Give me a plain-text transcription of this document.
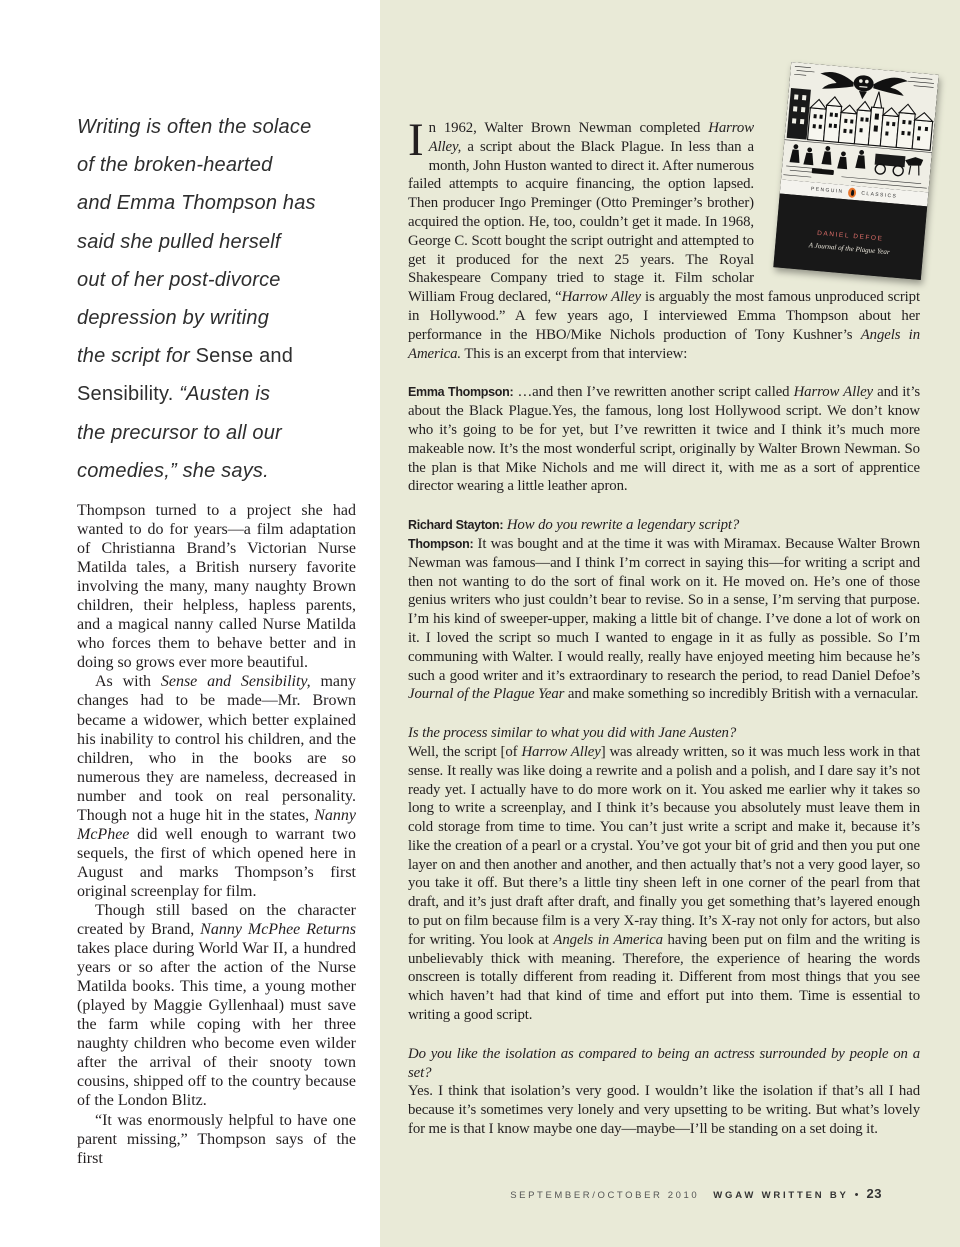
Writing is often the solace
of the broken-hearted
and Emma Thompson has
said she pulled herself
out of her post-divorce
depression by writing
the script for Sense and
Sensibility. “Austen is
the precursor to all our
comedies,” she says.

Thompson turned to a project she had wanted to do for years—a film adaptation of Christianna Brand’s Victorian Nurse Matilda tales, a British nursery favorite involving the many, many naughty Brown children, their helpless, hapless parents, and a magical nanny called Nurse Matilda who forces them to behave better and in doing so grows ever more beautiful.

As with Sense and Sensibility, many changes had to be made—Mr. Brown became a widower, which better explained his inability to control his children, and the children, who in the books are so numerous they are nameless, decreased in number and took on real personality. Though not a huge hit in the states, Nanny McPhee did well enough to warrant two sequels, the first of which opened here in August and marks Thompson’s first original screenplay for film.

Though still based on the character created by Brand, Nanny McPhee Returns takes place during World War II, a hundred years or so after the action of the Nurse Matilda books. This time, a young mother (played by Maggie Gyllenhaal) must save the farm while coping with her three naughty children who become even wilder after the arrival of their snooty town cousins, shipped off to the country because of the London Blitz.

“It was enormously helpful to have one parent missing,” Thompson says of the first

In 1962, Walter Brown Newman completed Harrow Alley, a script about the Black Plague. In less than a month, John Huston wanted to direct it. After numerous failed attempts to acquire financing, the option lapsed. Then producer Ingo Preminger (Otto Preminger’s brother) acquired the option. He, too, couldn’t get it made. In 1968, George C. Scott bought the script outright and attempted to get it produced for the next 25 years. The Royal Shakespeare Company tried to stage it. Film scholar William Froug declared, “Harrow Alley is arguably the most famous unproduced script in Hollywood.” A few years ago, I interviewed Emma Thompson about her performance in the HBO/Mike Nichols production of Tony Kushner’s Angels in America. This is an excerpt from that interview:

Emma Thompson: …and then I’ve rewritten another script called Harrow Alley and it’s about the Black Plague.Yes, the famous, long lost Hollywood script. We don’t know who it’s going to be for yet, but I’ve rewritten it twice and I think it’s much more makeable now. It’s the most wonderful script, originally by Walter Brown Newman. So the plan is that Mike Nichols and me will direct it, with me as a sort of apprentice director wearing a little leather apron.

Richard Stayton: How do you rewrite a legendary script?
Thompson: It was bought and at the time it was with Miramax. Because Walter Brown Newman was famous—and I think I’m correct in saying this—for writing a script and then not wanting to do the sort of final work on it. He moved on. He’s one of those genius writers who just couldn’t bear to revise. So in a sense, I’m serving that purpose. I’m his kind of sweeper-upper, making a little bit of change. I’ve done a lot of work on it. I loved the script so much I wanted to engage in it as fully as possible. So I’m communing with Walter. I would really, really have enjoyed meeting him because he’s such a good writer and it’s extraordinary to research the period, to read Daniel Defoe’s Journal of the Plague Year and make something so incredibly British with a vernacular.

Is the process similar to what you did with Jane Austen?
Well, the script [of Harrow Alley] was already written, so it was much less work in that sense. It really was like doing a rewrite and a polish and a polish, and I dare say it’s not ready yet. I actually have to do more work on it. You asked me earlier why it takes so long to write a screenplay, and I think it’s because you absolutely must leave them in cold storage from time to time. You can’t just write a script and make it, because it’s like the creation of a pearl or a crystal. You’ve got your bit of grid and then you put one layer on and then another and another, and then actually that’s not a very good layer, so you take it off. But there’s a little tiny sheen left in one corner of the pearl from that draft, and it’s just draft after draft, and finally you get something that’s layered enough to put on film because film is a very X-ray thing. It’s X-ray not only for actors, but also for writing. You look at Angels in America having been put on film and the writing is unbelievably thick with meaning. Therefore, the experience of hearing the words onscreen is totally different from reading it. Different from most things that you see which haven’t had that kind of time and effort put into them. Time is essential to writing a good script.

Do you like the isolation as compared to being an actress surrounded by people on a set?
Yes. I think that isolation’s very good. I wouldn’t like the isolation if that’s all I had because it’s sometimes very lonely and very upsetting to be writing. But what’s lovely for me is that I know maybe one day—maybe—I’ll be standing on a set doing it.

PENGUIN
CLASSICS
DANIEL DEFOE
A Journal of the Plague Year
SEPTEMBER/OCTOBER 2010 WGAW WRITTEN BY • 23
